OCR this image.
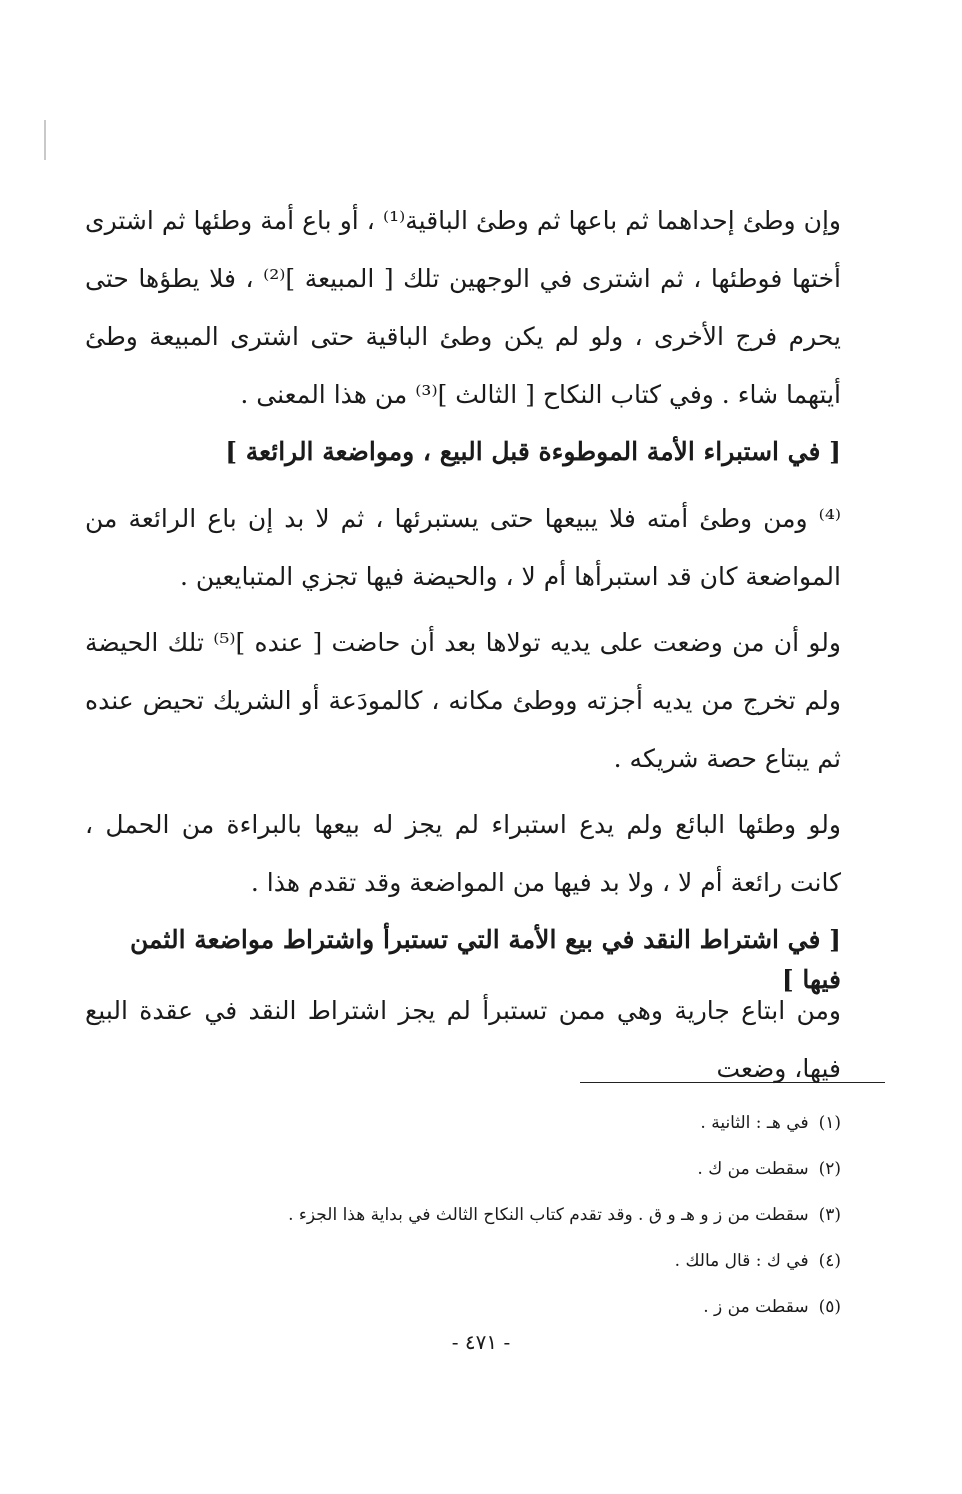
وإن وطئ إحداهما ثم باعها ثم وطئ الباقية⁽¹⁾ ، أو باع أمة وطئها ثم اشترى أختها فوطئها ، ثم اشترى في الوجهين تلك [ المبيعة ]⁽²⁾ ، فلا يطؤها حتى يحرم فرج الأخرى ، ولو لم يكن وطئ الباقية حتى اشترى المبيعة وطئ أيتهما شاء . وفي كتاب النكاح [ الثالث ]⁽³⁾ من هذا المعنى .

[ في استبراء الأمة الموطوءة قبل البيع ، ومواضعة الرائعة ]

⁽⁴⁾ ومن وطئ أمته فلا يبيعها حتى يستبرئها ، ثم لا بد إن باع الرائعة من المواضعة كان قد استبرأها أم لا ، والحيضة فيها تجزي المتبايعين .

ولو أن من وضعت على يديه تولاها بعد أن حاضت [ عنده ]⁽⁵⁾ تلك الحيضة ولم تخرج من يديه أجزته ووطئ مكانه ، كالمودَعة أو الشريك تحيض عنده ثم يبتاع حصة شريكه .

ولو وطئها البائع ولم يدع استبراء لم يجز له بيعها بالبراءة من الحمل ، كانت رائعة أم لا ، ولا بد فيها من المواضعة وقد تقدم هذا .

[ في اشتراط النقد في بيع الأمة التي تستبرأ واشتراط مواضعة الثمن فيها ]

ومن ابتاع جارية وهي ممن تستبرأ لم يجز اشتراط النقد في عقدة البيع فيها، وضعت

(١)في هـ : الثانية .
(٢)سقطت من ك .
(٣)سقطت من ز و هـ و ق . وقد تقدم كتاب النكاح الثالث في بداية هذا الجزء .
(٤)في ك : قال مالك .
(٥)سقطت من ز .
- ٤٧١ -
